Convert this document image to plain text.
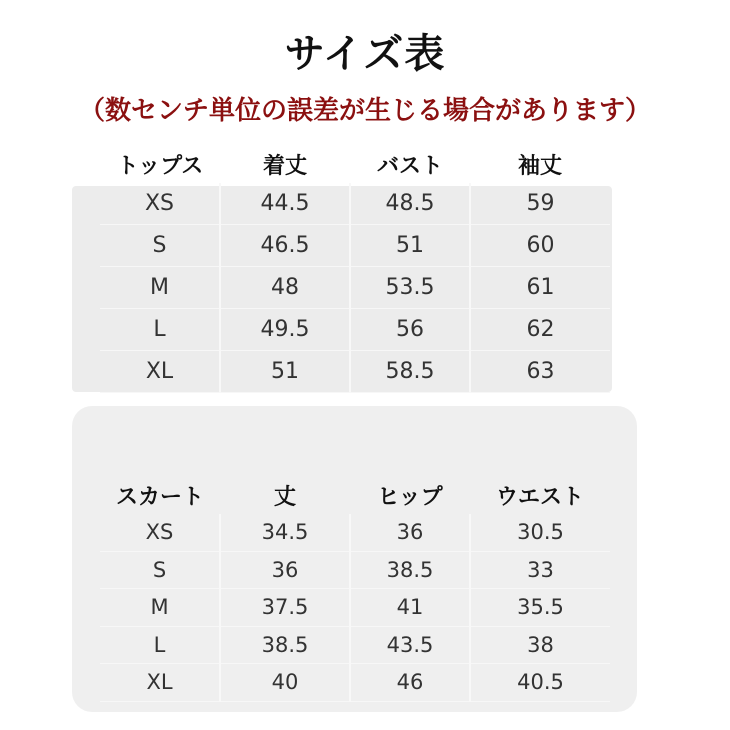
サイズ表
（数センチ単位の誤差が生じる場合があります）
トップス	着丈	バスト	袖丈
XS	44.5	48.5	59
S	46.5	51	60
M	48	53.5	61
L	49.5	56	62
XL	51	58.5	63
スカート	丈	ヒップ	ウエスト
XS	34.5	36	30.5
S	36	38.5	33
M	37.5	41	35.5
L	38.5	43.5	38
XL	40	46	40.5
